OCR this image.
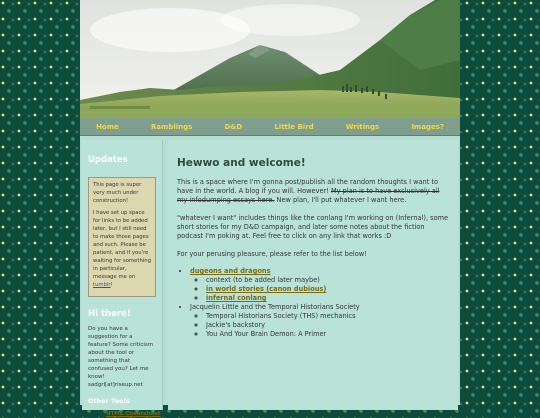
Home	Ramblings	D&D	Little Bird	Writings	Images?
Updates

This page is super very much under construction!

I have set up space for links to be added later, but I still need to make those pages and such. Please be patient, and if you're waiting for something in particular, message me on tumblr!

Hi there!

Do you have a suggestion for a feature? Some criticism about the tool or something that confused you? Let me know! sadgrl[at]riseup.net

Other Tools
• HTML Cheatsheet
Hewwo and welcome!

This is a space where I'm gonna post/publish all the random thoughts I want to have in the world. A blog if you will. However! My plan is to have exclusively all my infodumping essays here. New plan, I'll put whatever I want here.

"whatever I want" includes things like the conlang I'm working on (Infernal), some short stories for my D&D campaign, and later some notes about the fiction podcast I'm poking at. Feel free to click on any link that works :D

For your perusing pleasure, please refer to the list below!

• dugeons and dragons
◦ context (to be added later maybe)
◦ in world stories (canon dubious)
◦ infernal conlang
• Jacquelin Little and the Temporal Historians Society
◦ Temporal Historians Society (THS) mechanics
◦ Jackie's backstory
◦ You And Your Brain Demon: A Primer
